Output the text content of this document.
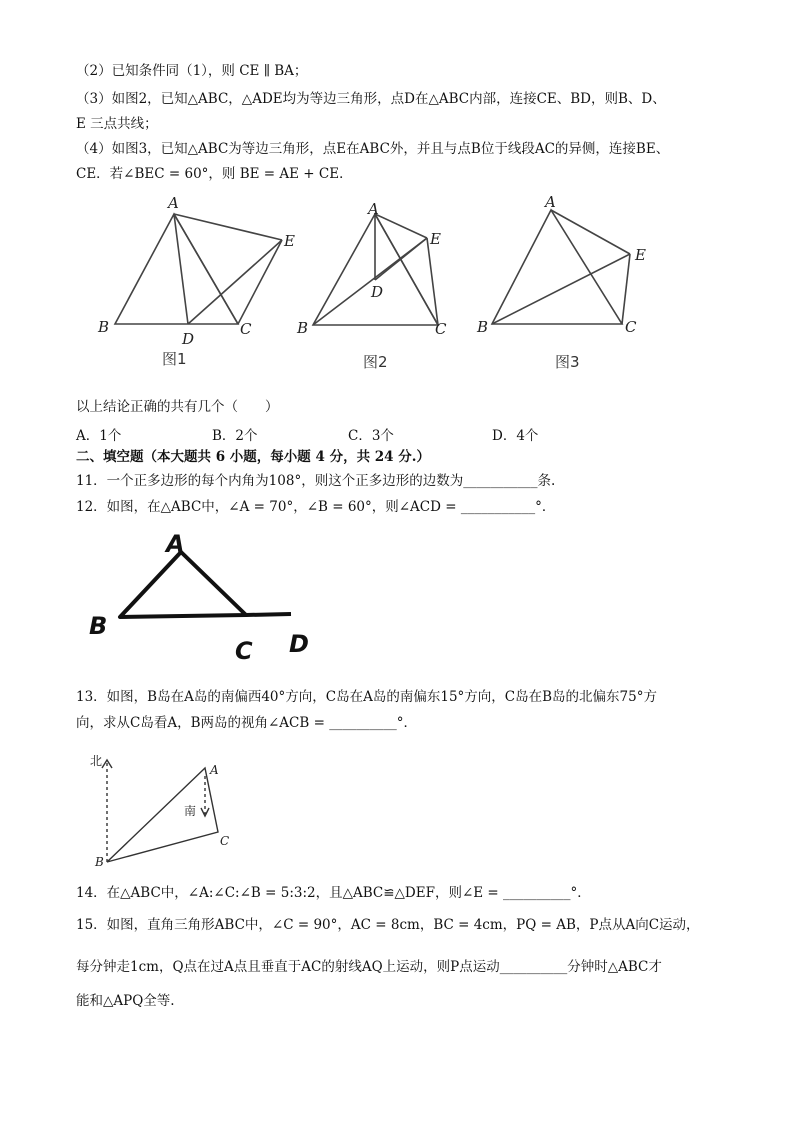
（2）已知条件同（1），则 CE ∥ BA；
（3）如图2，已知△ABC，△ADE均为等边三角形，点D在△ABC内部，连接CE、BD，则B、D、
E 三点共线；
（4）如图3，已知△ABC为等边三角形，点E在ABC外，并且与点B位于线段AC的异侧，连接BE、
CE．若∠BEC = 60°，则 BE = AE + CE．
A
B	C
D
E
图1
A
B	C
D
E
图2
A
B	C
E
图3
以上结论正确的共有几个（　　）
A．1个	B．2个	C．3个	D．4个
二、填空题（本大题共 6 小题，每小题 4 分，共 24 分.）
11．一个正多边形的每个内角为108°，则这个正多边形的边数为___________条.
12．如图，在△ABC中，∠A = 70°，∠B = 60°，则∠ACD = ___________°．
A
B
C D
13．如图，B岛在A岛的南偏西40°方向，C岛在A岛的南偏东15°方向，C岛在B岛的北偏东75°方
向，求从C岛看A，B两岛的视角∠ACB = __________°．
北
南
A
B
C
14．在△ABC中，∠A:∠C:∠B = 5:3:2，且△ABC≌△DEF，则∠E = __________°．
15．如图，直角三角形ABC中，∠C = 90°，AC = 8cm，BC = 4cm，PQ = AB，P点从A向C运动，
每分钟走1cm，Q点在过A点且垂直于AC的射线AQ上运动，则P点运动__________分钟时△ABC才
能和△APQ全等.
